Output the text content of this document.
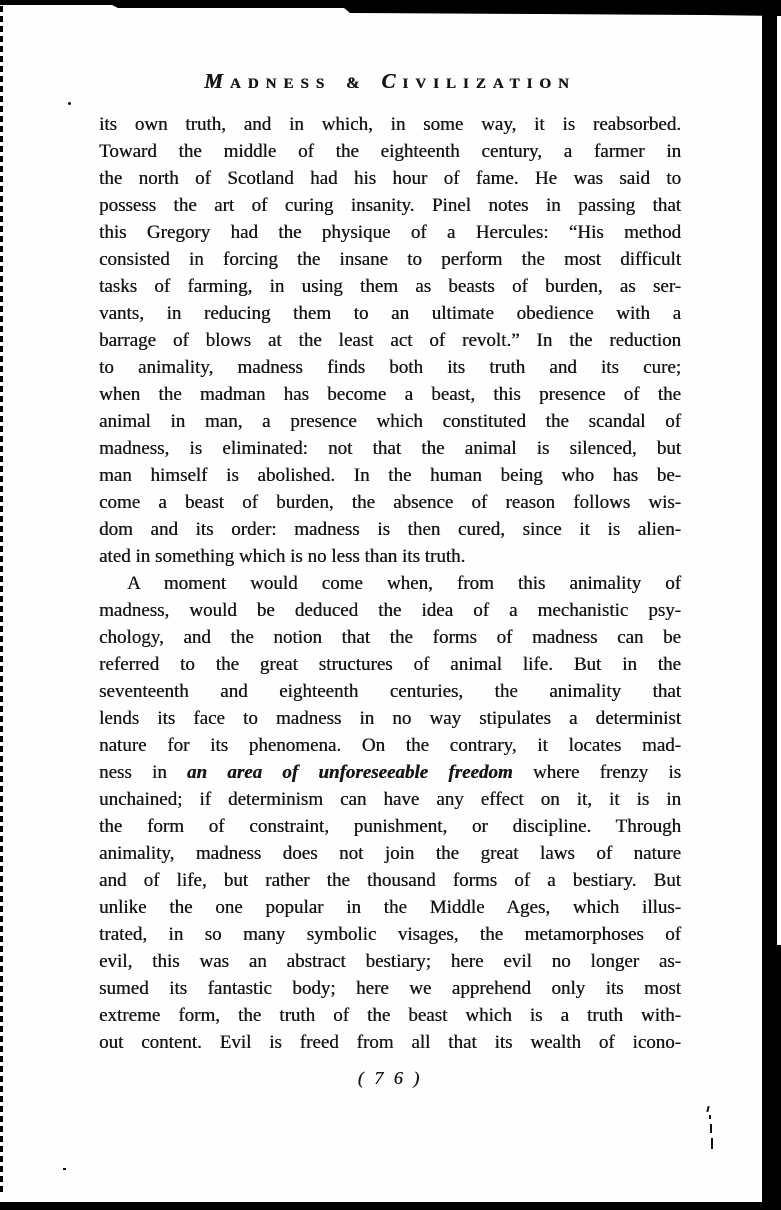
MADNESS & CIVILIZATION
its own truth, and in which, in some way, it is reabsorbed.
Toward the middle of the eighteenth century, a farmer in
the north of Scotland had his hour of fame. He was said to
possess the art of curing insanity. Pinel notes in passing that
this Gregory had the physique of a Hercules: “His method
consisted in forcing the insane to perform the most difficult
tasks of farming, in using them as beasts of burden, as ser-
vants, in reducing them to an ultimate obedience with a
barrage of blows at the least act of revolt.” In the reduction
to animality, madness finds both its truth and its cure;
when the madman has become a beast, this presence of the
animal in man, a presence which constituted the scandal of
madness, is eliminated: not that the animal is silenced, but
man himself is abolished. In the human being who has be-
come a beast of burden, the absence of reason follows wis-
dom and its order: madness is then cured, since it is alien-
ated in something which is no less than its truth.
A moment would come when, from this animality of
madness, would be deduced the idea of a mechanistic psy-
chology, and the notion that the forms of madness can be
referred to the great structures of animal life. But in the
seventeenth and eighteenth centuries, the animality that
lends its face to madness in no way stipulates a determinist
nature for its phenomena. On the contrary, it locates mad-
ness in an area of unforeseeable freedom where frenzy is
unchained; if determinism can have any effect on it, it is in
the form of constraint, punishment, or discipline. Through
animality, madness does not join the great laws of nature
and of life, but rather the thousand forms of a bestiary. But
unlike the one popular in the Middle Ages, which illus-
trated, in so many symbolic visages, the metamorphoses of
evil, this was an abstract bestiary; here evil no longer as-
sumed its fantastic body; here we apprehend only its most
extreme form, the truth of the beast which is a truth with-
out content. Evil is freed from all that its wealth of icono-
( 7 6 )
